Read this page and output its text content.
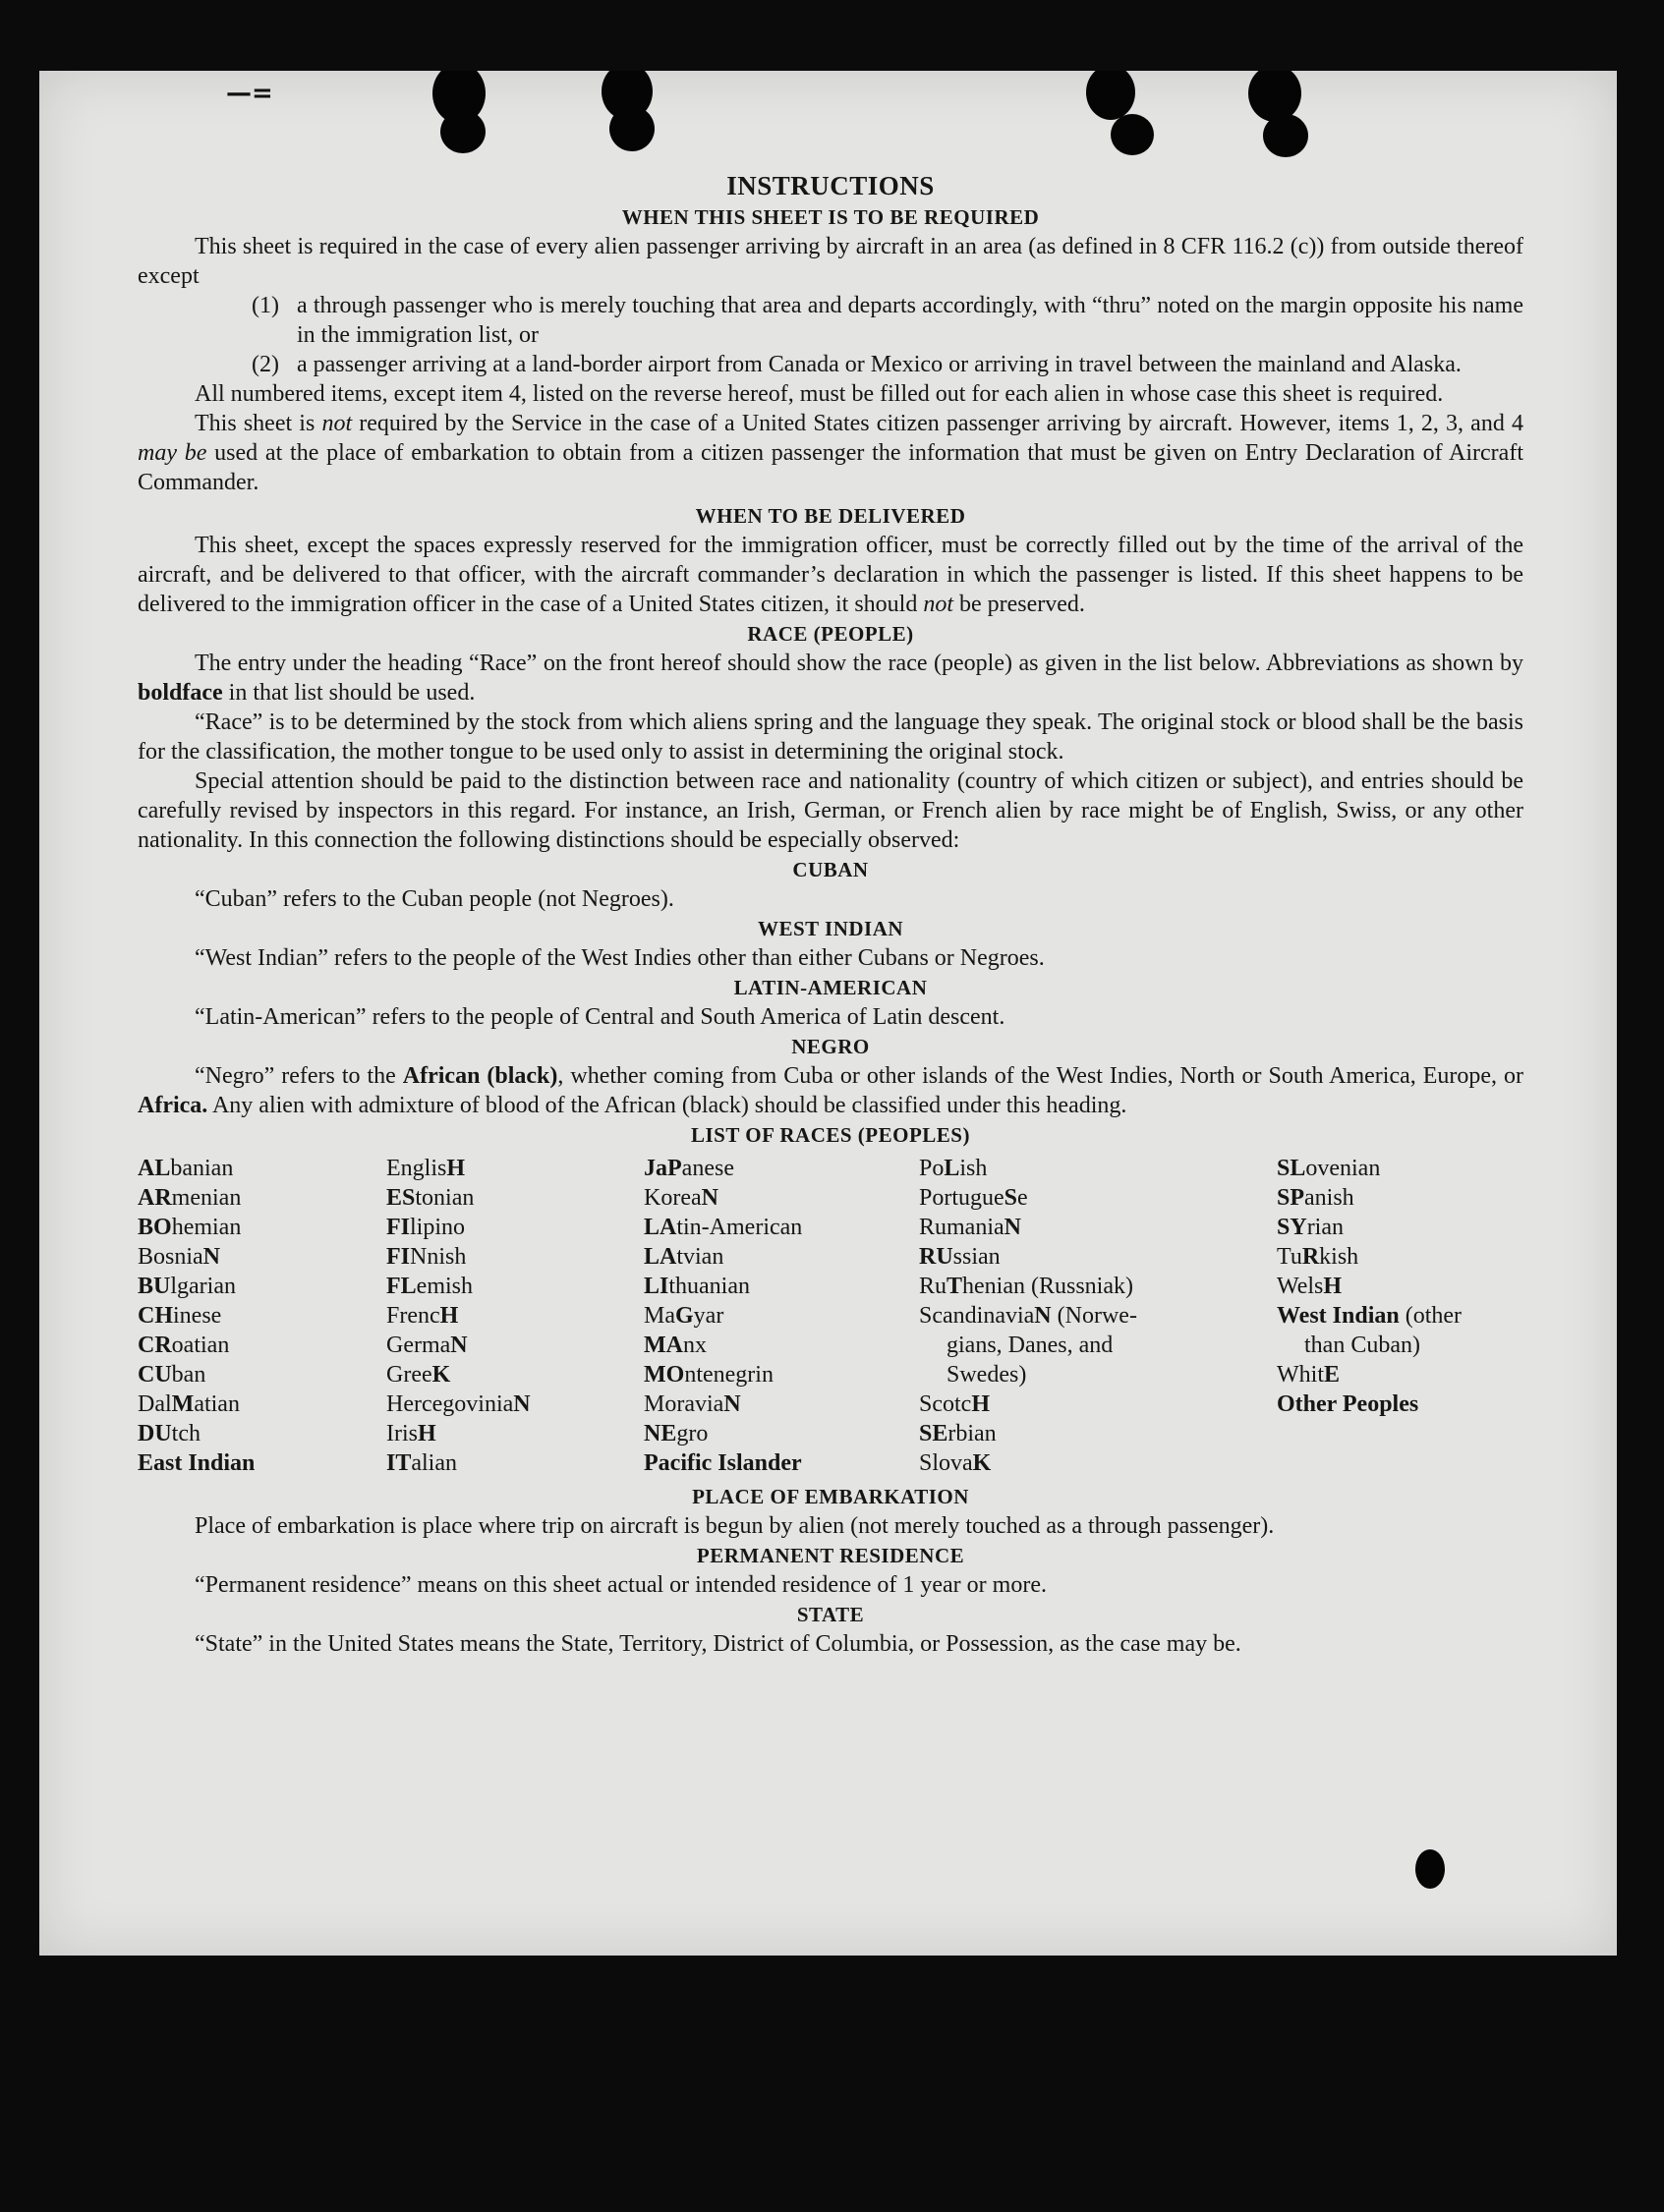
—=
INSTRUCTIONS
WHEN THIS SHEET IS TO BE REQUIRED

This sheet is required in the case of every alien passenger arriving by aircraft in an area (as defined in 8 CFR 116.2 (c)) from outside thereof except

(1) a through passenger who is merely touching that area and departs accordingly, with “thru” noted on the margin opposite his name in the immigration list, or
(2) a passenger arriving at a land-border airport from Canada or Mexico or arriving in travel between the mainland and Alaska.

All numbered items, except item 4, listed on the reverse hereof, must be filled out for each alien in whose case this sheet is required.

This sheet is not required by the Service in the case of a United States citizen passenger arriving by aircraft. However, items 1, 2, 3, and 4 may be used at the place of embarkation to obtain from a citizen passenger the information that must be given on Entry Declaration of Aircraft Commander.

WHEN TO BE DELIVERED

This sheet, except the spaces expressly reserved for the immigration officer, must be correctly filled out by the time of the arrival of the aircraft, and be delivered to that officer, with the aircraft commander’s declaration in which the passenger is listed. If this sheet happens to be delivered to the immigration officer in the case of a United States citizen, it should not be preserved.

RACE (PEOPLE)

The entry under the heading “Race” on the front hereof should show the race (people) as given in the list below. Abbreviations as shown by boldface in that list should be used.

“Race” is to be determined by the stock from which aliens spring and the language they speak. The original stock or blood shall be the basis for the classification, the mother tongue to be used only to assist in determining the original stock.

Special attention should be paid to the distinction between race and nationality (country of which citizen or subject), and entries should be carefully revised by inspectors in this regard. For instance, an Irish, German, or French alien by race might be of English, Swiss, or any other nationality. In this connection the following distinctions should be especially observed:

CUBAN

“Cuban” refers to the Cuban people (not Negroes).

WEST INDIAN

“West Indian” refers to the people of the West Indies other than either Cubans or Negroes.

LATIN-AMERICAN

“Latin-American” refers to the people of Central and South America of Latin descent.

NEGRO

“Negro” refers to the African (black), whether coming from Cuba or other islands of the West Indies, North or South America, Europe, or Africa. Any alien with admixture of blood of the African (black) should be classified under this heading.

LIST OF RACES (PEOPLES)
ALbanian
ARmenian
BOhemian
BosniaN
BUlgarian
CHinese
CRoatian
CUban
DalMatian
DUtch
East Indian
EnglisH
EStonian
FIlipino
FINnish
FLemish
FrencH
GermaN
GreeK
HercegoviniaN
IrisH
ITalian
JaPanese
KoreaN
LAtin-American
LAtvian
LIthuanian
MaGyar
MAnx
MOntenegrin
MoraviaN
NEgro
Pacific Islander
PoLish
PortugueSe
RumaniaN
RUssian
RuThenian (Russniak)
ScandinaviaN (Norwe-
gians, Danes, and
Swedes)
ScotcH
SErbian
SlovaK
SLovenian
SPanish
SYrian
TuRkish
WelsH
West Indian (other
than Cuban)
WhitE
Other Peoples
PLACE OF EMBARKATION

Place of embarkation is place where trip on aircraft is begun by alien (not merely touched as a through passenger).

PERMANENT RESIDENCE

“Permanent residence” means on this sheet actual or intended residence of 1 year or more.

STATE

“State” in the United States means the State, Territory, District of Columbia, or Possession, as the case may be.
